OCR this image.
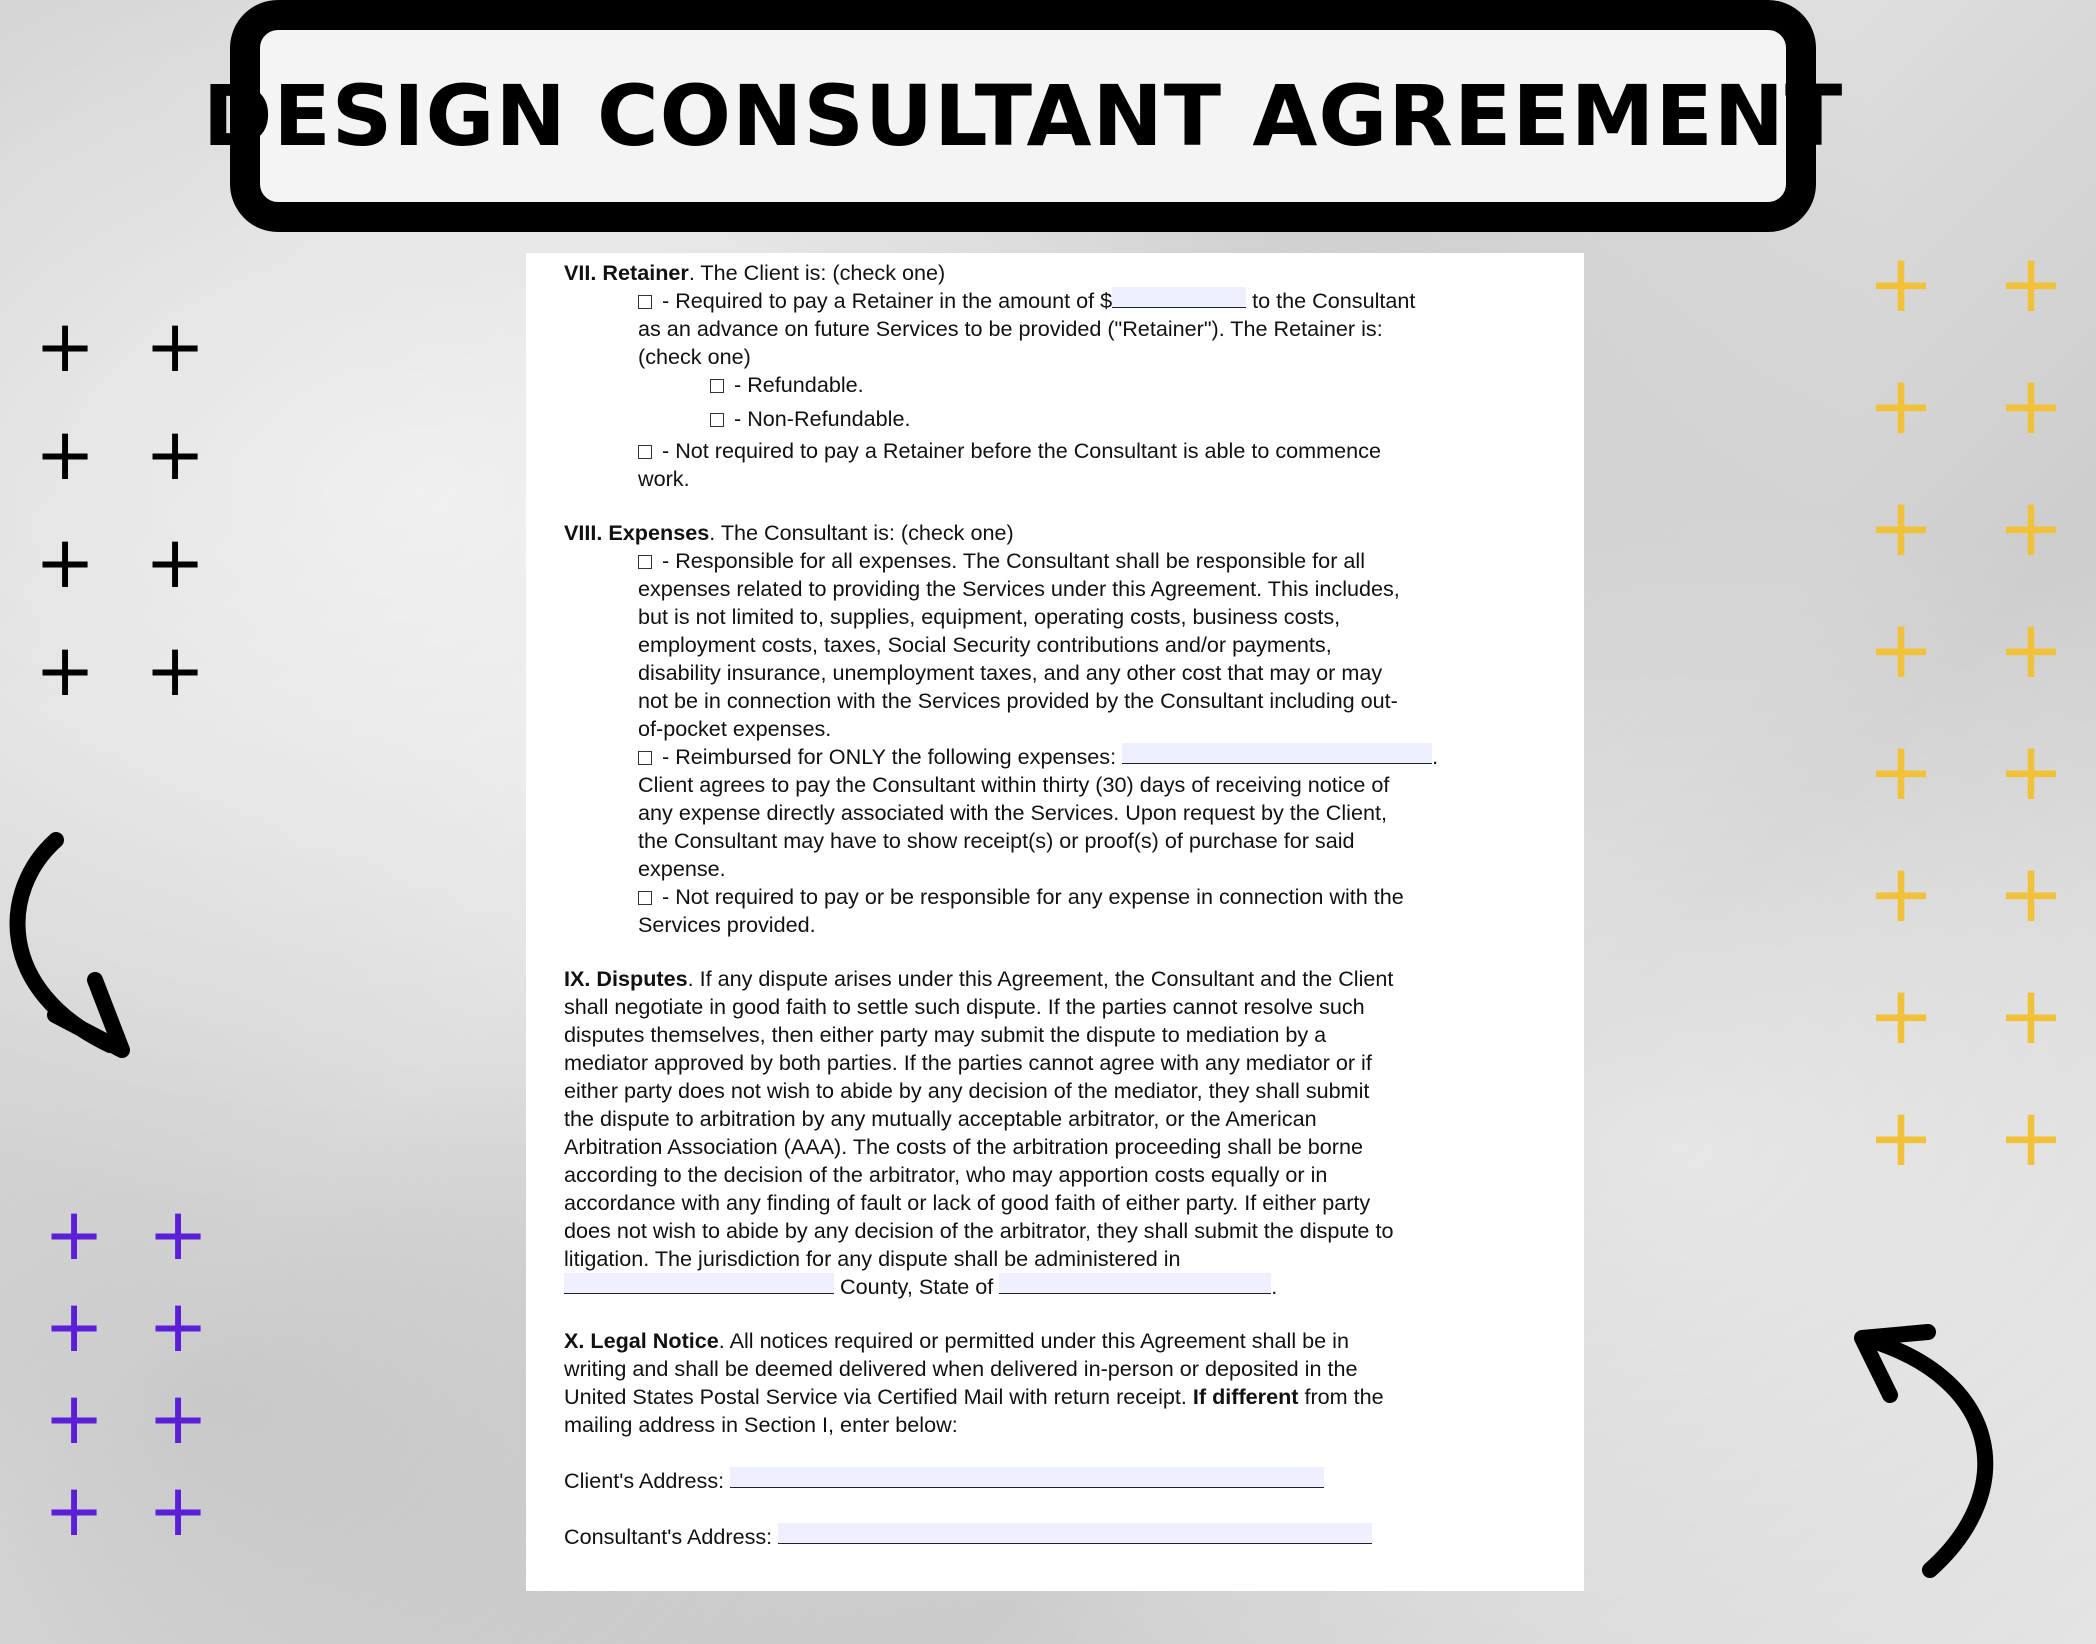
DESIGN CONSULTANT AGREEMENT
+ +
+ +
+ +
+ +
+ +
+ +
+ +
+ +
+ +
+ +
+ +
+ +
+ +
+ +
+ +
+ +
VII. Retainer. The Client is: (check one)
- Required to pay a Retainer in the amount of $	to the Consultant
as an advance on future Services to be provided ("Retainer"). The Retainer is:
(check one)
- Refundable.
- Non-Refundable.
- Not required to pay a Retainer before the Consultant is able to commence
work.
VIII. Expenses. The Consultant is: (check one)
- Responsible for all expenses. The Consultant shall be responsible for all
expenses related to providing the Services under this Agreement. This includes,
but is not limited to, supplies, equipment, operating costs, business costs,
employment costs, taxes, Social Security contributions and/or payments,
disability insurance, unemployment taxes, and any other cost that may or may
not be in connection with the Services provided by the Consultant including out-
of-pocket expenses.
- Reimbursed for ONLY the following expenses:	.
Client agrees to pay the Consultant within thirty (30) days of receiving notice of
any expense directly associated with the Services. Upon request by the Client,
the Consultant may have to show receipt(s) or proof(s) of purchase for said
expense.
- Not required to pay or be responsible for any expense in connection with the
Services provided.
IX. Disputes. If any dispute arises under this Agreement, the Consultant and the Client
shall negotiate in good faith to settle such dispute. If the parties cannot resolve such
disputes themselves, then either party may submit the dispute to mediation by a
mediator approved by both parties. If the parties cannot agree with any mediator or if
either party does not wish to abide by any decision of the mediator, they shall submit
the dispute to arbitration by any mutually acceptable arbitrator, or the American
Arbitration Association (AAA). The costs of the arbitration proceeding shall be borne
according to the decision of the arbitrator, who may apportion costs equally or in
accordance with any finding of fault or lack of good faith of either party. If either party
does not wish to abide by any decision of the arbitrator, they shall submit the dispute to
litigation. The jurisdiction for any dispute shall be administered in
County, State of	.
X. Legal Notice. All notices required or permitted under this Agreement shall be in
writing and shall be deemed delivered when delivered in-person or deposited in the
United States Postal Service via Certified Mail with return receipt. If different from the
mailing address in Section I, enter below:
Client's Address:
Consultant's Address:
